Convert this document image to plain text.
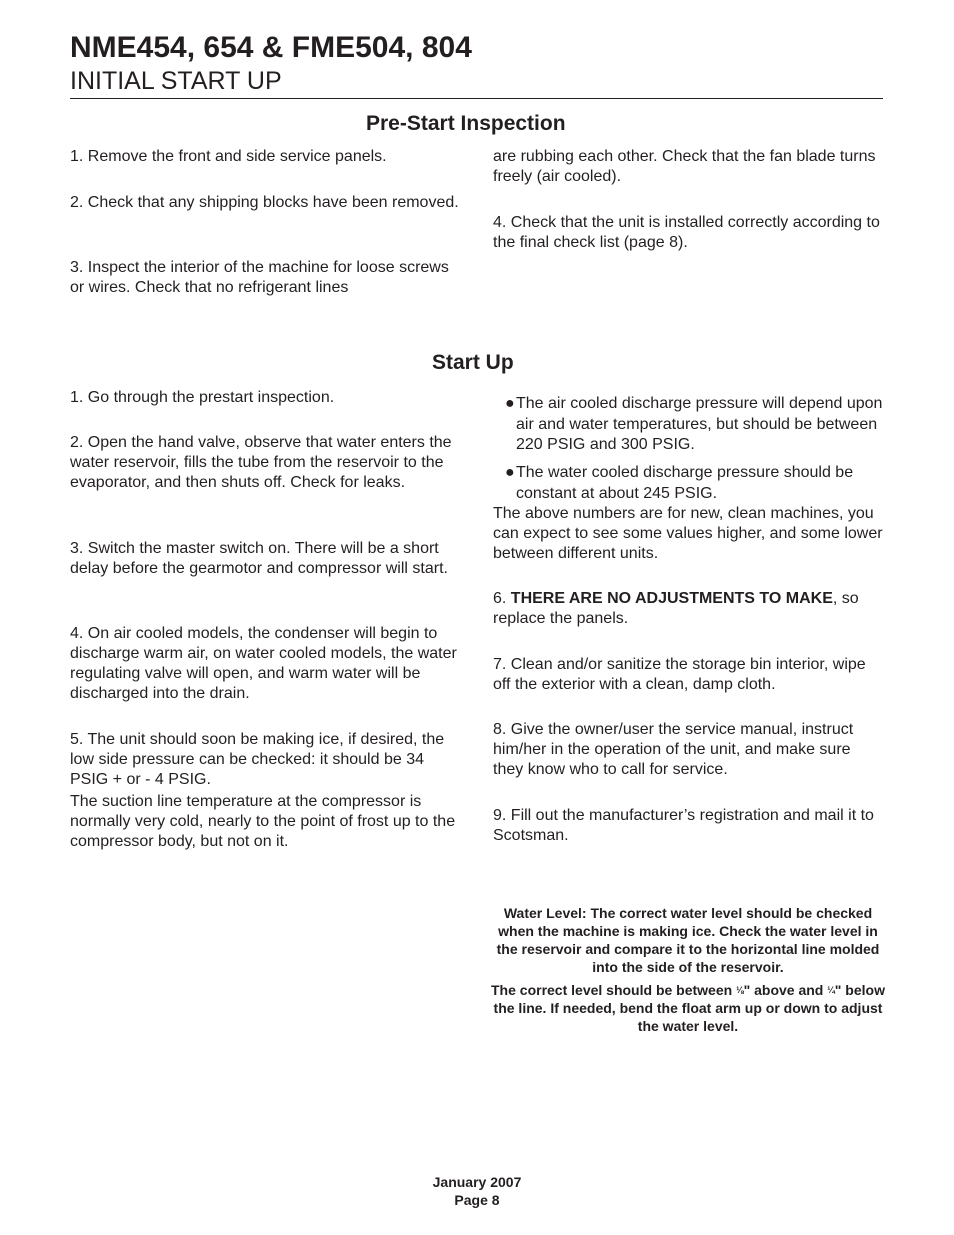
NME454, 654 & FME504, 804
INITIAL START UP
Pre-Start Inspection
1. Remove the front and side service panels.
2. Check that any shipping blocks have been removed.
3. Inspect the interior of the machine for loose screws or wires. Check that no refrigerant lines
are rubbing each other. Check that the fan blade turns freely (air cooled).
4. Check that the unit is installed correctly according to the final check list (page 8).
Start Up
1. Go through the prestart inspection.
2. Open the hand valve, observe that water enters the water reservoir, fills the tube from the reservoir to the evaporator, and then shuts off. Check for leaks.
3. Switch the master switch on. There will be a short delay before the gearmotor and compressor will start.
4. On air cooled models, the condenser will begin to discharge warm air, on water cooled models, the water regulating valve will open, and warm water will be discharged into the drain.
5. The unit should soon be making ice, if desired, the low side pressure can be checked: it should be 34 PSIG + or - 4 PSIG.
The suction line temperature at the compressor is normally very cold, nearly to the point of frost up to the compressor body, but not on it.
● The air cooled discharge pressure will depend upon air and water temperatures, but should be between 220 PSIG and 300 PSIG.
● The water cooled discharge pressure should be constant at about 245 PSIG.
The above numbers are for new, clean machines, you can expect to see some values higher, and some lower between different units.
6. THERE ARE NO ADJUSTMENTS TO MAKE, so replace the panels.
7. Clean and/or sanitize the storage bin interior, wipe off the exterior with a clean, damp cloth.
8. Give the owner/user the service manual, instruct him/her in the operation of the unit, and make sure they know who to call for service.
9. Fill out the manufacturer’s registration and mail it to Scotsman.
Water Level: The correct water level should be checked when the machine is making ice. Check the water level in the reservoir and compare it to the horizontal line molded into the side of the reservoir.
The correct level should be between ⅛" above and ¼" below the line. If needed, bend the float arm up or down to adjust the water level.
January 2007
Page 8
